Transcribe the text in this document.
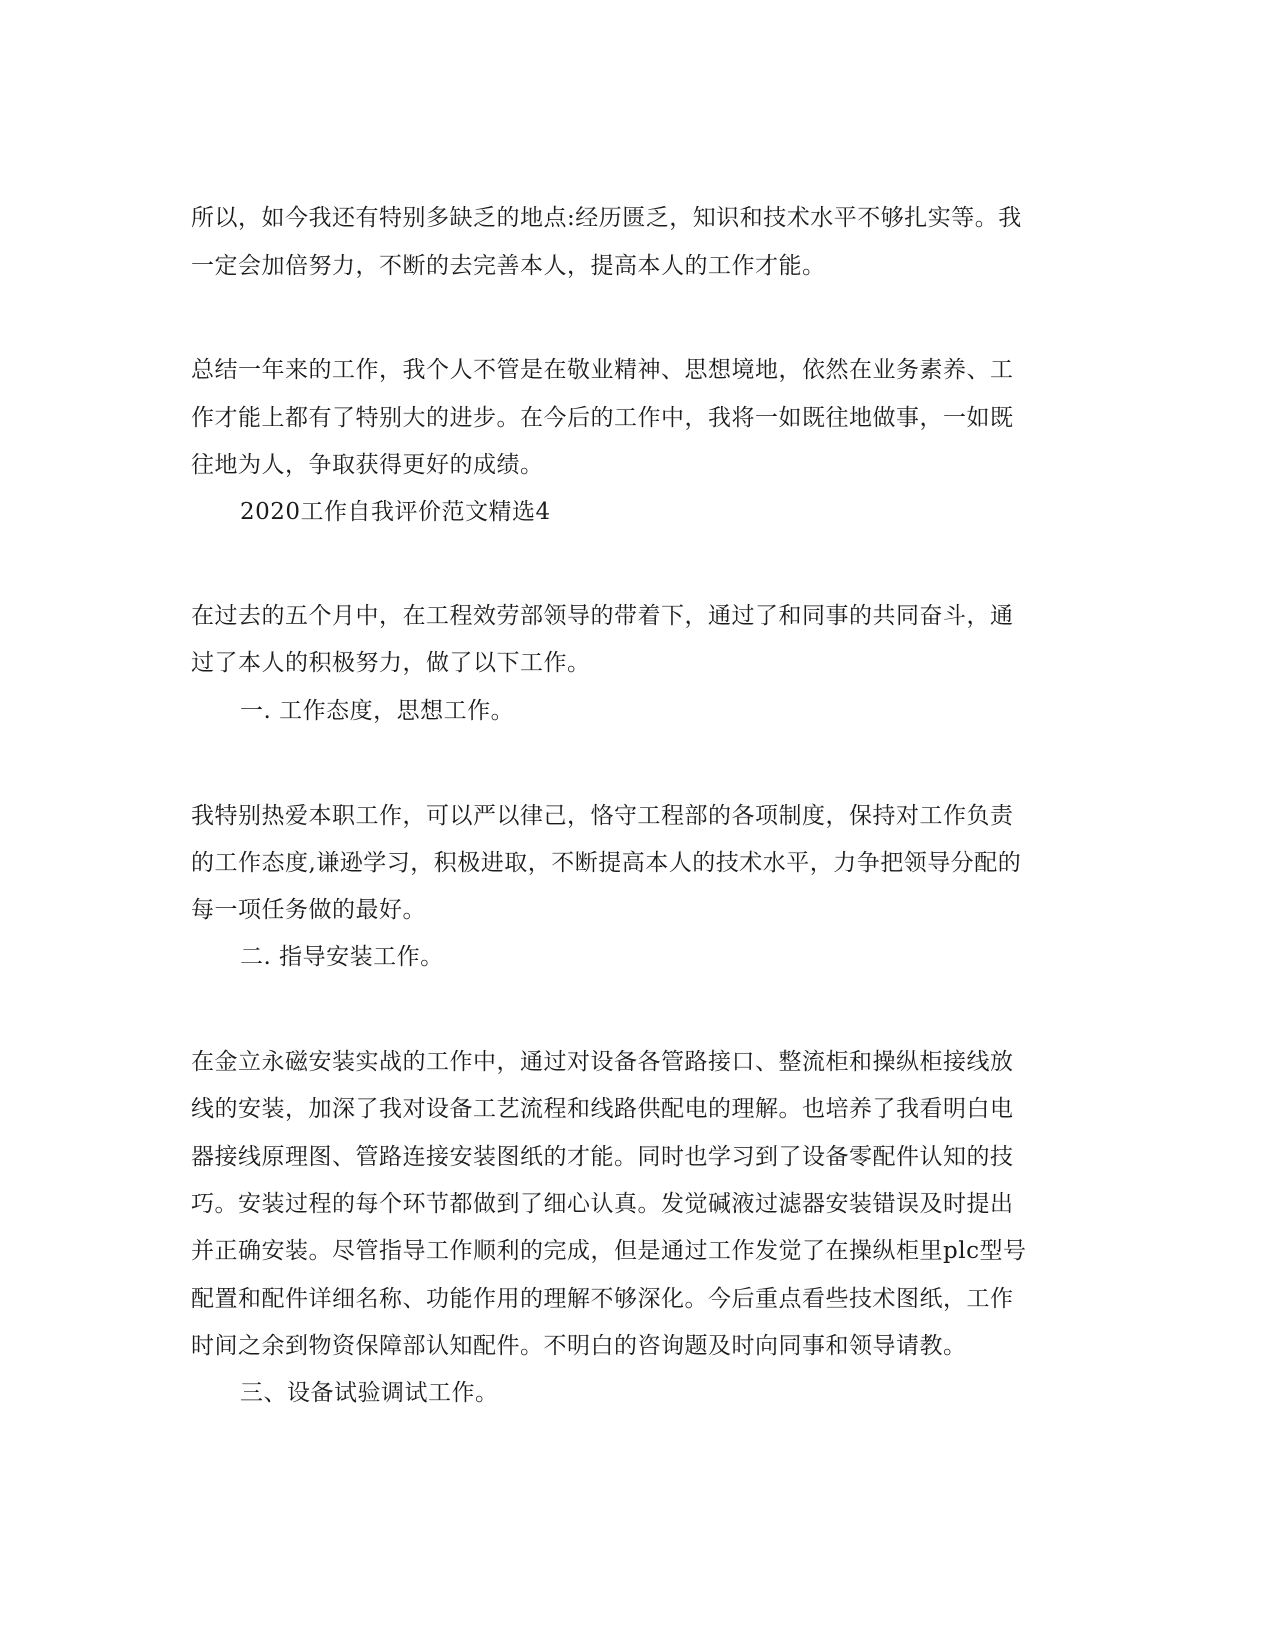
所以，如今我还有特别多缺乏的地点:经历匮乏，知识和技术水平不够扎实等。我
一定会加倍努力，不断的去完善本人，提高本人的工作才能。
总结一年来的工作，我个人不管是在敬业精神、思想境地，依然在业务素养、工
作才能上都有了特别大的进步。在今后的工作中，我将一如既往地做事，一如既
往地为人，争取获得更好的成绩。
2020工作自我评价范文精选4
在过去的五个月中，在工程效劳部领导的带着下，通过了和同事的共同奋斗，通
过了本人的积极努力，做了以下工作。
一. 工作态度，思想工作。
我特别热爱本职工作，可以严以律己，恪守工程部的各项制度，保持对工作负责
的工作态度,谦逊学习，积极进取，不断提高本人的技术水平，力争把领导分配的
每一项任务做的最好。
二. 指导安装工作。
在金立永磁安装实战的工作中，通过对设备各管路接口、整流柜和操纵柜接线放
线的安装，加深了我对设备工艺流程和线路供配电的理解。也培养了我看明白电
器接线原理图、管路连接安装图纸的才能。同时也学习到了设备零配件认知的技
巧。安装过程的每个环节都做到了细心认真。发觉碱液过滤器安装错误及时提出
并正确安装。尽管指导工作顺利的完成，但是通过工作发觉了在操纵柜里plc型号
配置和配件详细名称、功能作用的理解不够深化。今后重点看些技术图纸，工作
时间之余到物资保障部认知配件。不明白的咨询题及时向同事和领导请教。
三、设备试验调试工作。
